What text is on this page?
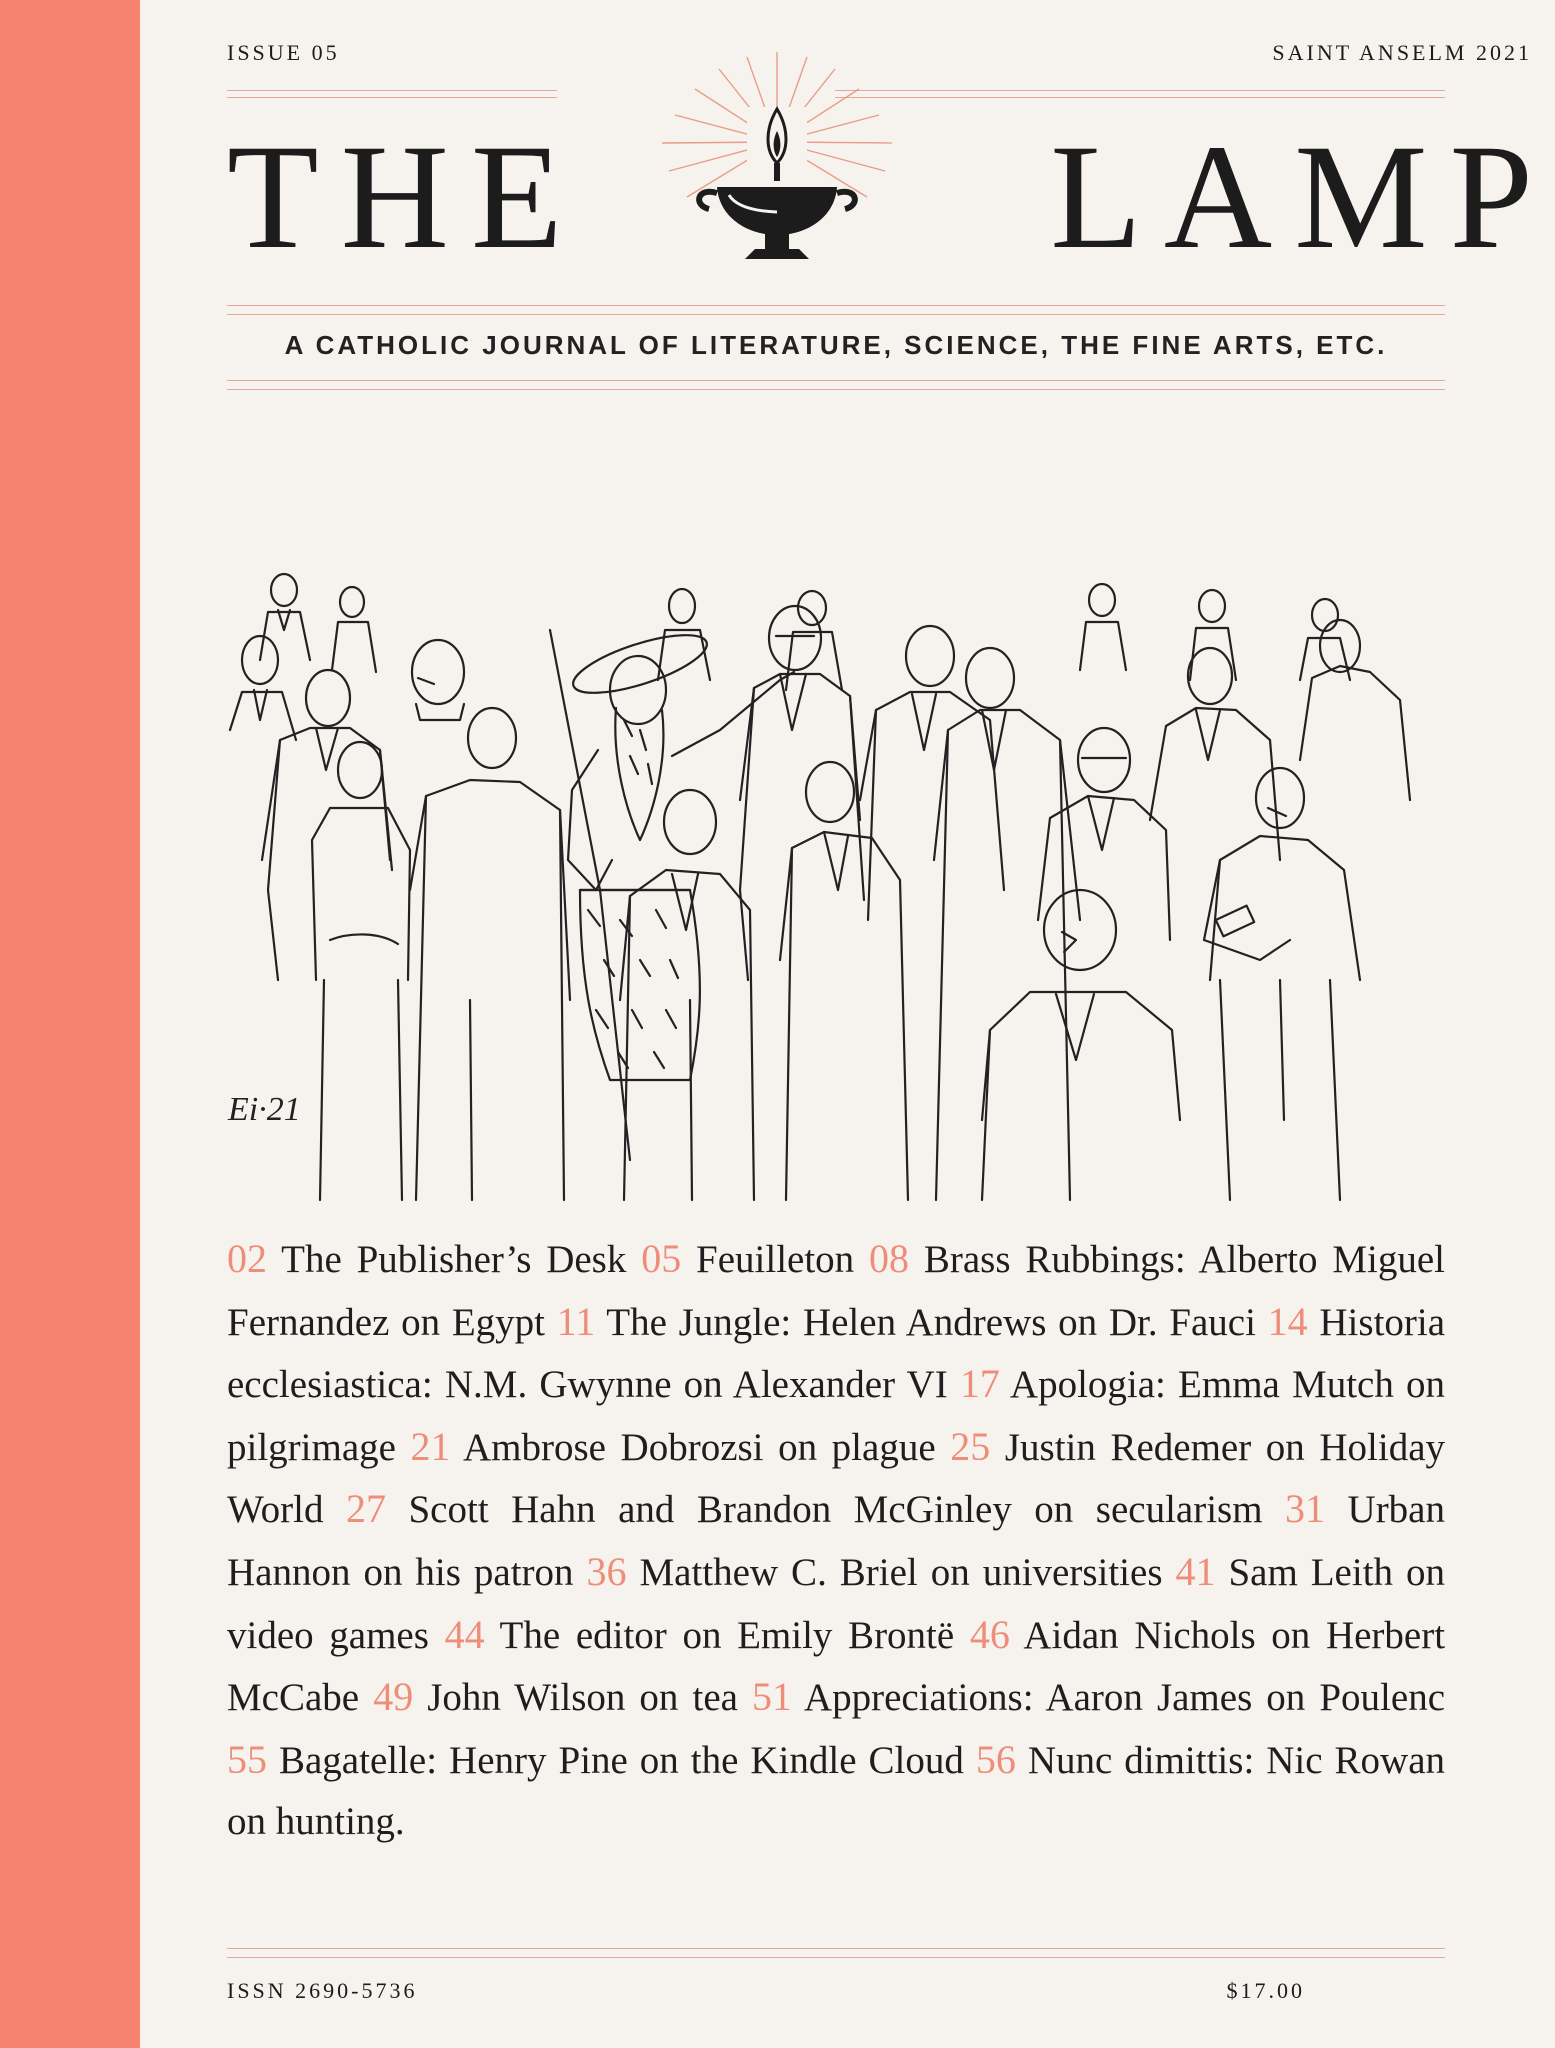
ISSUE 05	SAINT ANSELM 2021
THE	LAMP
A CATHOLIC JOURNAL OF LITERATURE, SCIENCE, THE FINE ARTS, ETC.
Ei·21
02 The Publisher’s Desk 05 Feuilleton 08 Brass Rubbings: Alberto Miguel Fernandez on Egypt 11 The Jungle: Helen Andrews on Dr. Fauci 14 Historia ecclesiastica: N.M. Gwynne on Alexander VI 17 Apologia: Emma Mutch on pilgrimage 21 Ambrose Dobrozsi on plague 25 Justin Redemer on Holiday World 27 Scott Hahn and Brandon McGinley on secularism 31 Urban Hannon on his patron 36 Matthew C. Briel on universities 41 Sam Leith on video games 44 The editor on Emily Brontë 46 Aidan Nichols on Herbert McCabe 49 John Wilson on tea 51 Appreciations: Aaron James on Poulenc 55 Bagatelle: Henry Pine on the Kindle Cloud 56 Nunc dimittis: Nic Rowan on hunting.
ISSN 2690-5736	$17.00
